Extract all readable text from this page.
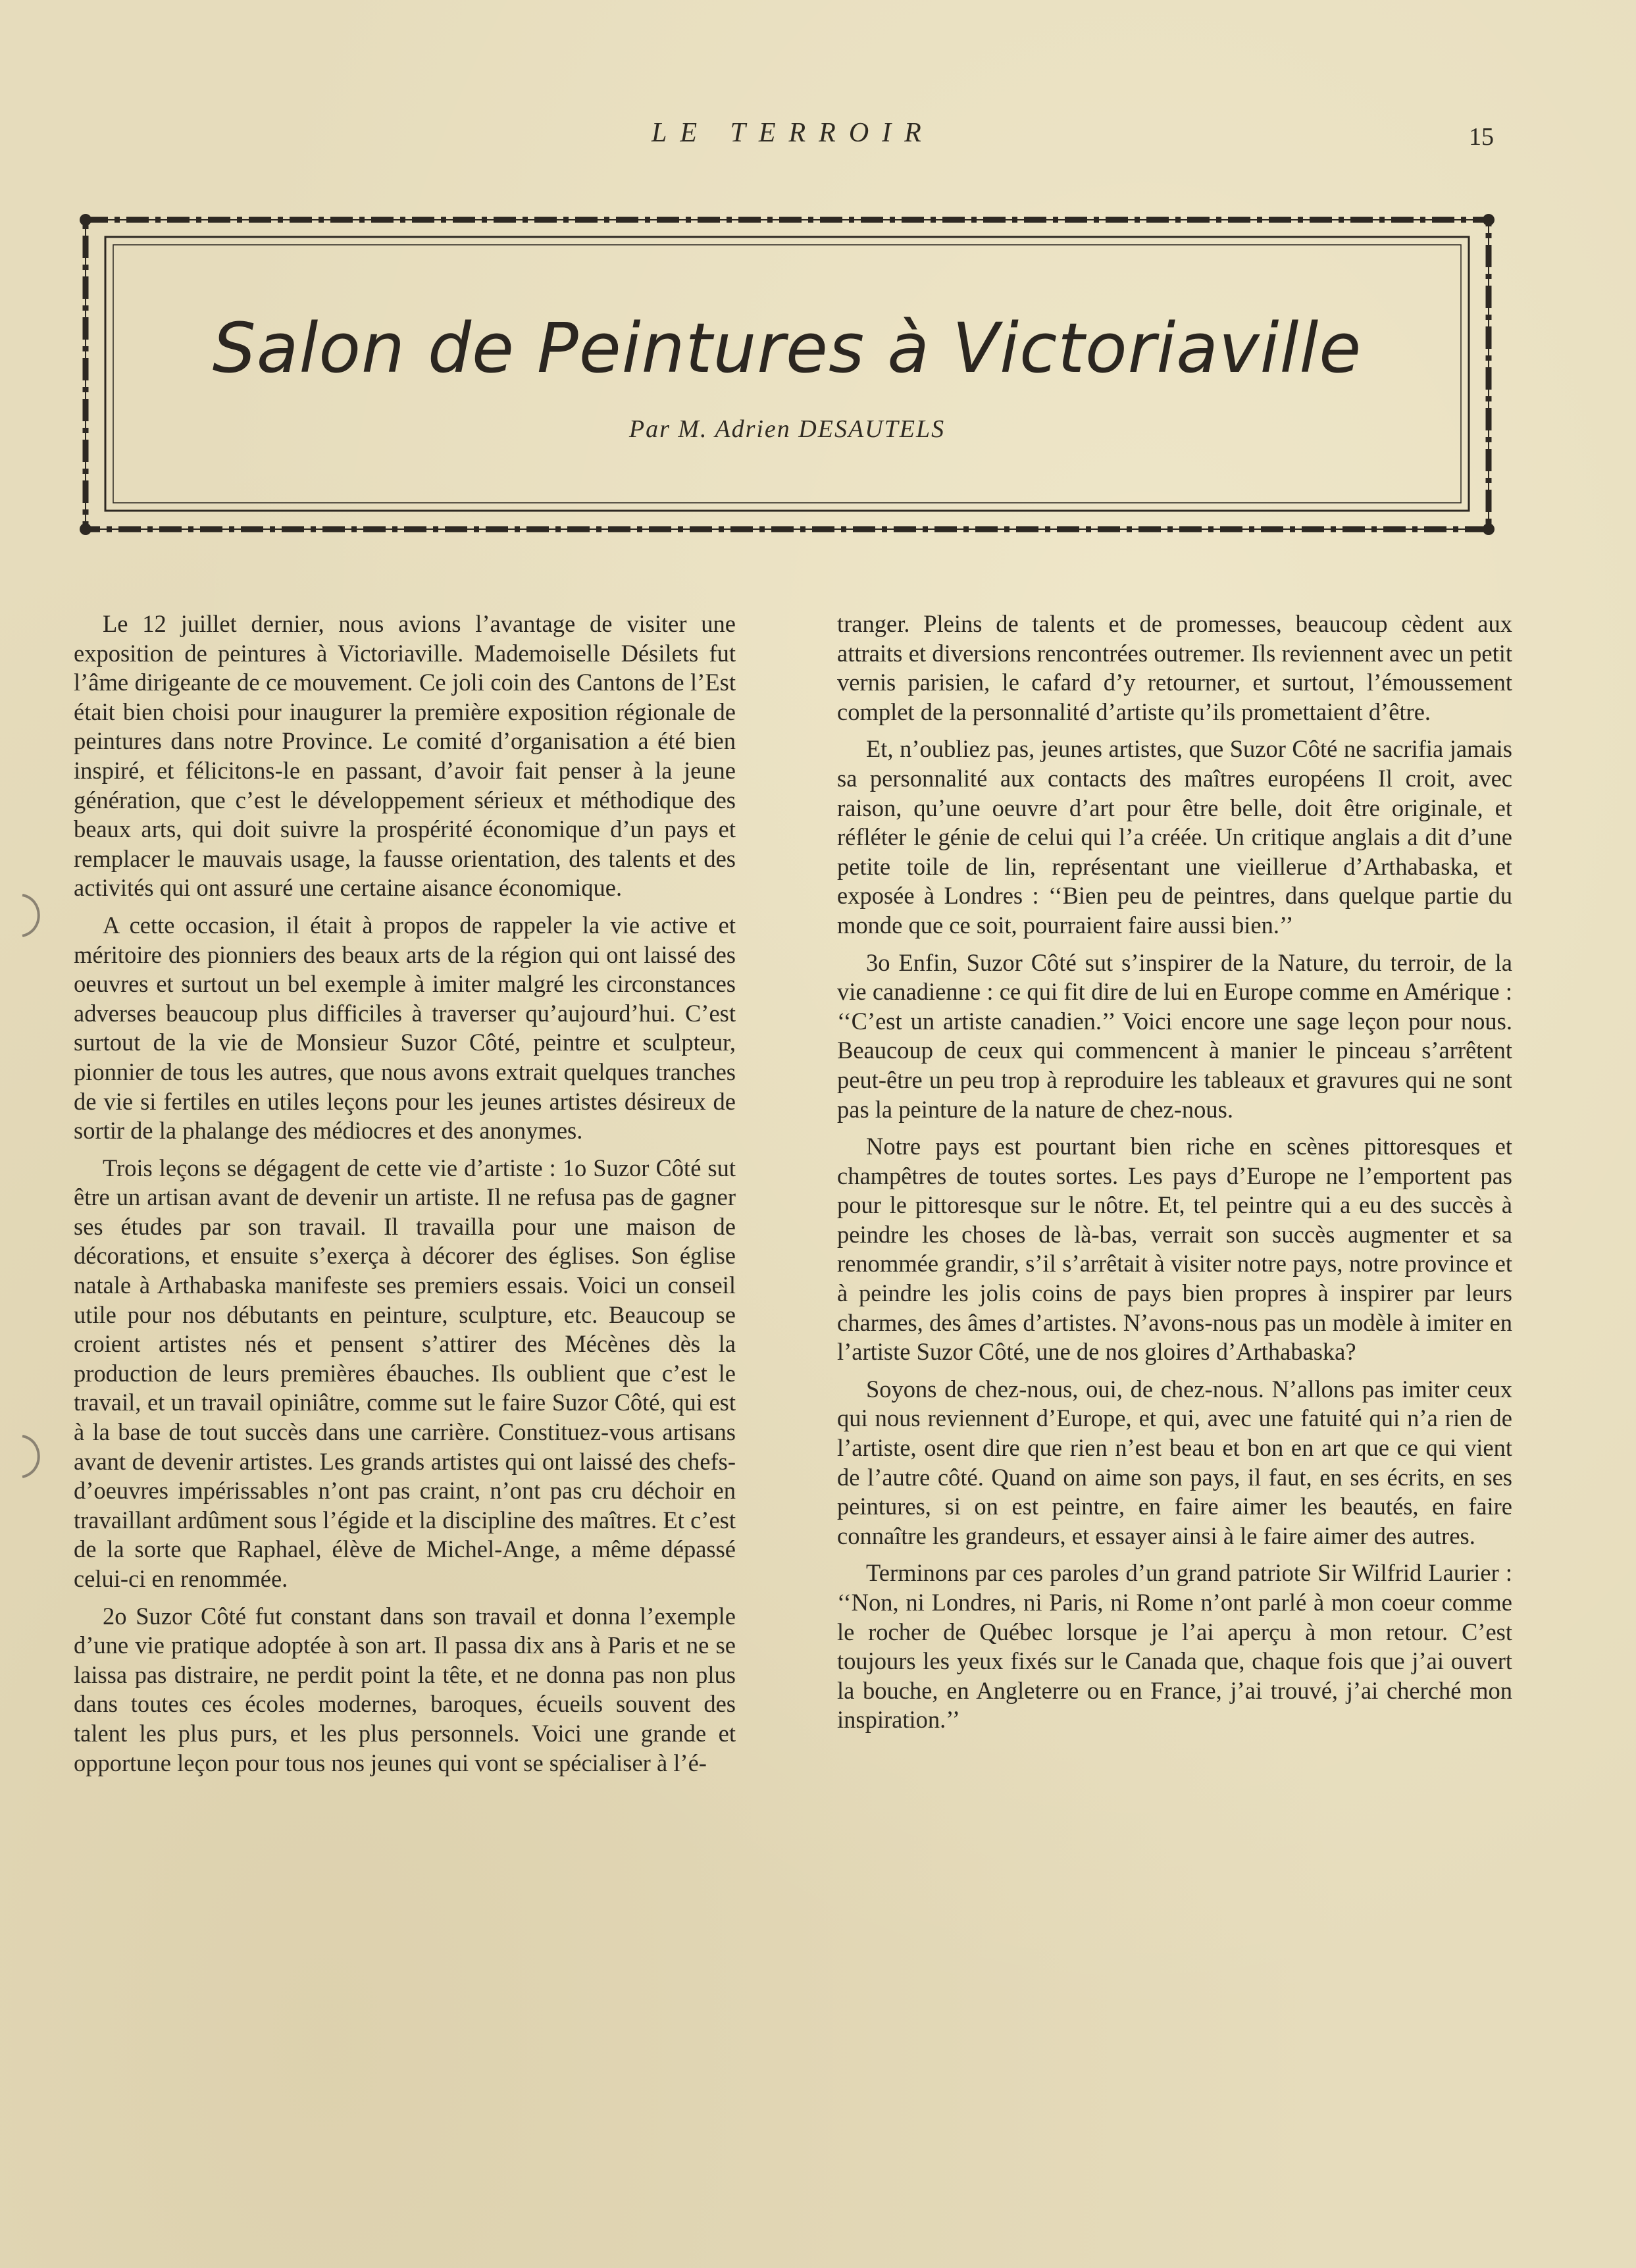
LE TERROIR	15
Salon de Peintures à Victoriaville
Par M. Adrien DESAUTELS

Le 12 juillet dernier, nous avions l’avantage de visiter une exposition de peintures à Victoriaville. Mademoiselle Désilets fut l’âme dirigeante de ce mouvement. Ce joli coin des Cantons de l’Est était bien choisi pour inaugurer la première exposition régionale de peintures dans notre Province. Le comité d’organisation a été bien inspiré, et félicitons-le en passant, d’avoir fait penser à la jeune génération, que c’est le développement sérieux et méthodique des beaux arts, qui doit suivre la prospérité économique d’un pays et remplacer le mauvais usage, la fausse orientation, des talents et des activités qui ont assuré une certaine aisance économique.

A cette occasion, il était à propos de rappeler la vie active et méritoire des pionniers des beaux arts de la région qui ont laissé des oeuvres et surtout un bel exemple à imiter malgré les circonstances adverses beaucoup plus difficiles à traverser qu’aujourd’hui. C’est surtout de la vie de Monsieur Suzor Côté, peintre et sculpteur, pionnier de tous les autres, que nous avons extrait quelques tranches de vie si fertiles en utiles leçons pour les jeunes artistes désireux de sortir de la phalange des médiocres et des anonymes.

Trois leçons se dégagent de cette vie d’artiste : 1o Suzor Côté sut être un artisan avant de devenir un artiste. Il ne refusa pas de gagner ses études par son travail. Il travailla pour une maison de décorations, et ensuite s’exerça à décorer des églises. Son église natale à Arthabaska manifeste ses premiers essais. Voici un conseil utile pour nos débutants en peinture, sculpture, etc. Beaucoup se croient artistes nés et pensent s’attirer des Mécènes dès la production de leurs premières ébauches. Ils oublient que c’est le travail, et un travail opiniâtre, comme sut le faire Suzor Côté, qui est à la base de tout succès dans une carrière. Constituez-vous artisans avant de devenir artistes. Les grands artistes qui ont laissé des chefs-d’oeuvres impérissables n’ont pas craint, n’ont pas cru déchoir en travaillant ardûment sous l’égide et la discipline des maîtres. Et c’est de la sorte que Raphael, élève de Michel-Ange, a même dépassé celui-ci en renommée.

2o Suzor Côté fut constant dans son travail et donna l’exemple d’une vie pratique adoptée à son art. Il passa dix ans à Paris et ne se laissa pas distraire, ne perdit point la tête, et ne donna pas non plus dans toutes ces écoles modernes, baroques, écueils souvent des talent les plus purs, et les plus personnels. Voici une grande et opportune leçon pour tous nos jeunes qui vont se spécialiser à l’é-

tranger. Pleins de talents et de promesses, beaucoup cèdent aux attraits et diversions rencontrées outremer. Ils reviennent avec un petit vernis parisien, le cafard d’y retourner, et surtout, l’émoussement complet de la personnalité d’artiste qu’ils promettaient d’être.

Et, n’oubliez pas, jeunes artistes, que Suzor Côté ne sacrifia jamais sa personnalité aux contacts des maîtres européens Il croit, avec raison, qu’une oeuvre d’art pour être belle, doit être originale, et réfléter le génie de celui qui l’a créée. Un critique anglais a dit d’une petite toile de lin, représentant une vieillerue d’Arthabaska, et exposée à Londres : ‘‘Bien peu de peintres, dans quelque partie du monde que ce soit, pourraient faire aussi bien.’’

3o Enfin, Suzor Côté sut s’inspirer de la Nature, du terroir, de la vie canadienne : ce qui fit dire de lui en Europe comme en Amérique : ‘‘C’est un artiste canadien.’’ Voici encore une sage leçon pour nous. Beaucoup de ceux qui commencent à manier le pinceau s’arrêtent peut-être un peu trop à reproduire les tableaux et gravures qui ne sont pas la peinture de la nature de chez-nous.

Notre pays est pourtant bien riche en scènes pittoresques et champêtres de toutes sortes. Les pays d’Europe ne l’emportent pas pour le pittoresque sur le nôtre. Et, tel peintre qui a eu des succès à peindre les choses de là-bas, verrait son succès augmenter et sa renommée grandir, s’il s’arrêtait à visiter notre pays, notre province et à peindre les jolis coins de pays bien propres à inspirer par leurs charmes, des âmes d’artistes. N’avons-nous pas un modèle à imiter en l’artiste Suzor Côté, une de nos gloires d’Arthabaska?

Soyons de chez-nous, oui, de chez-nous. N’allons pas imiter ceux qui nous reviennent d’Europe, et qui, avec une fatuité qui n’a rien de l’artiste, osent dire que rien n’est beau et bon en art que ce qui vient de l’autre côté. Quand on aime son pays, il faut, en ses écrits, en ses peintures, si on est peintre, en faire aimer les beautés, en faire connaître les grandeurs, et essayer ainsi à le faire aimer des autres.

Terminons par ces paroles d’un grand patriote Sir Wilfrid Laurier : ‘‘Non, ni Londres, ni Paris, ni Rome n’ont parlé à mon coeur comme le rocher de Québec lorsque je l’ai aperçu à mon retour. C’est toujours les yeux fixés sur le Canada que, chaque fois que j’ai ouvert la bouche, en Angleterre ou en France, j’ai trouvé, j’ai cherché mon inspiration.’’
